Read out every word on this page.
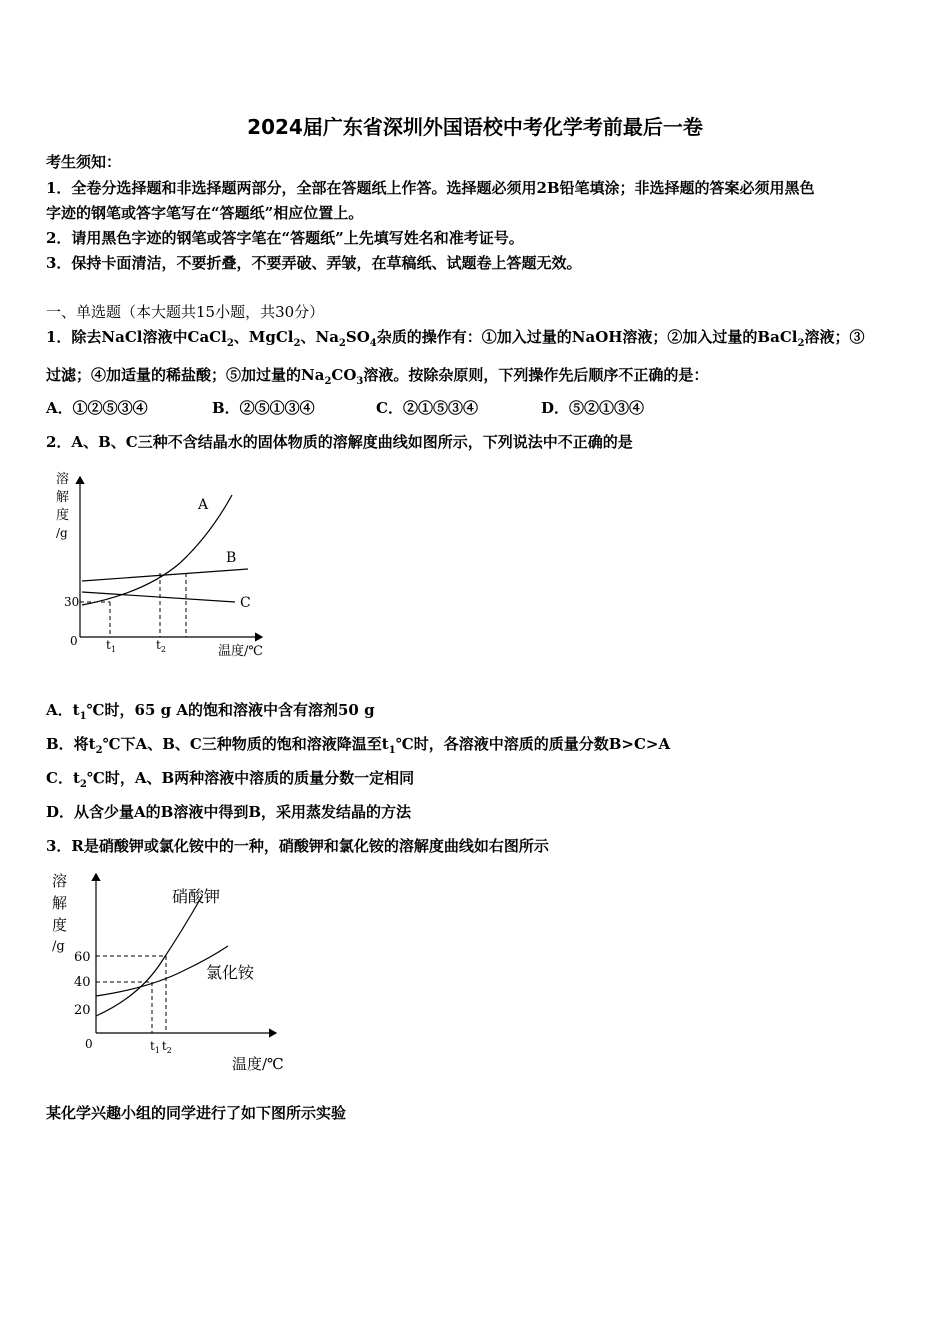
2024届广东省深圳外国语校中考化学考前最后一卷
考生须知：
1．全卷分选择题和非选择题两部分，全部在答题纸上作答。选择题必须用2B铅笔填涂；非选择题的答案必须用黑色
字迹的钢笔或答字笔写在“答题纸”相应位置上。
2．请用黑色字迹的钢笔或答字笔在“答题纸”上先填写姓名和准考证号。
3．保持卡面清洁，不要折叠，不要弄破、弄皱，在草稿纸、试题卷上答题无效。
一、单选题（本大题共15小题，共30分）
1．除去NaCl溶液中CaCl$_2$、MgCl$_2$、$Na_2SO_4$杂质的操作有：①加入过量的NaOH溶液；②加入过量的BaCl$_2$溶液；③
过滤；④加适量的稀盐酸；⑤加过量的$Na_2CO_3$溶液。按除杂原则，下列操作先后顺序不正确的是：
A．①②⑤③④	B．②⑤①③④	C．②①⑤③④	D．⑤②①③④
2．A、B、C三种不含结晶水的固体物质的溶解度曲线如图所示，下列说法中不正确的是
溶
解
度
/g
0
30
$t_1$	$t_2$	温度/℃
A
B
C
A．$t_1℃$时，65 g A的饱和溶液中含有溶剂50 g
B．将$t_2℃$下A、B、C三种物质的饱和溶液降温至$t_1℃$时，各溶液中溶质的质量分数B>C>A
C．$t_2℃$时，A、B两种溶液中溶质的质量分数一定相同
D．从含少量A的B溶液中得到B，采用蒸发结晶的方法
3．R是硝酸钾或氯化铵中的一种，硝酸钾和氯化铵的溶解度曲线如右图所示
溶
解
度
/g
60
40
20
0	$t_1$ $t_2$
温度/℃
硝酸钾
氯化铵
某化学兴趣小组的同学进行了如下图所示实验
